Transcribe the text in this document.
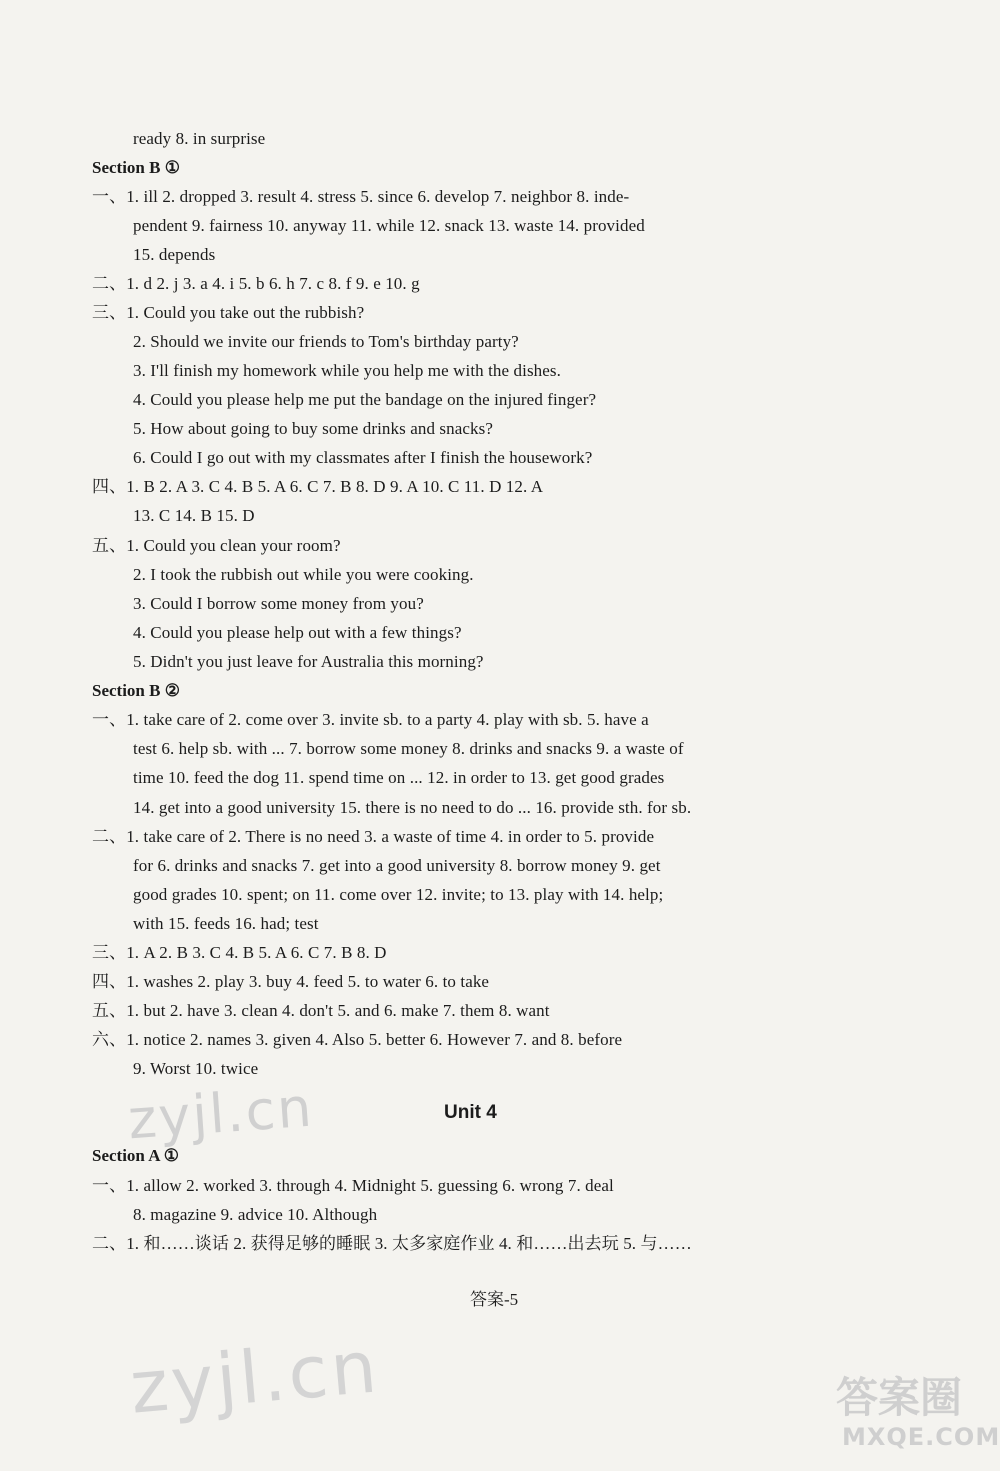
zyjl.cn
zyjl.cn	答案圈
MXQE.COM
ready 8. in surprise
Section B ①
一、1. ill 2. dropped 3. result 4. stress 5. since 6. develop 7. neighbor 8. inde-
pendent 9. fairness 10. anyway 11. while 12. snack 13. waste 14. provided
15. depends
二、1. d 2. j 3. a 4. i 5. b 6. h 7. c 8. f 9. e 10. g
三、1. Could you take out the rubbish?
2. Should we invite our friends to Tom's birthday party?
3. I'll finish my homework while you help me with the dishes.
4. Could you please help me put the bandage on the injured finger?
5. How about going to buy some drinks and snacks?
6. Could I go out with my classmates after I finish the housework?
四、1. B 2. A 3. C 4. B 5. A 6. C 7. B 8. D 9. A 10. C 11. D 12. A
13. C 14. B 15. D
五、1. Could you clean your room?
2. I took the rubbish out while you were cooking.
3. Could I borrow some money from you?
4. Could you please help out with a few things?
5. Didn't you just leave for Australia this morning?
Section B ②
一、1. take care of 2. come over 3. invite sb. to a party 4. play with sb. 5. have a
test 6. help sb. with ... 7. borrow some money 8. drinks and snacks 9. a waste of
time 10. feed the dog 11. spend time on ... 12. in order to 13. get good grades
14. get into a good university 15. there is no need to do ... 16. provide sth. for sb.
二、1. take care of 2. There is no need 3. a waste of time 4. in order to 5. provide
for 6. drinks and snacks 7. get into a good university 8. borrow money 9. get
good grades 10. spent; on 11. come over 12. invite; to 13. play with 14. help;
with 15. feeds 16. had; test
三、1. A 2. B 3. C 4. B 5. A 6. C 7. B 8. D
四、1. washes 2. play 3. buy 4. feed 5. to water 6. to take
五、1. but 2. have 3. clean 4. don't 5. and 6. make 7. them 8. want
六、1. notice 2. names 3. given 4. Also 5. better 6. However 7. and 8. before
9. Worst 10. twice
Unit 4
Section A ①
一、1. allow 2. worked 3. through 4. Midnight 5. guessing 6. wrong 7. deal
8. magazine 9. advice 10. Although
二、1. 和……谈话 2. 获得足够的睡眠 3. 太多家庭作业 4. 和……出去玩 5. 与……
答案-5
